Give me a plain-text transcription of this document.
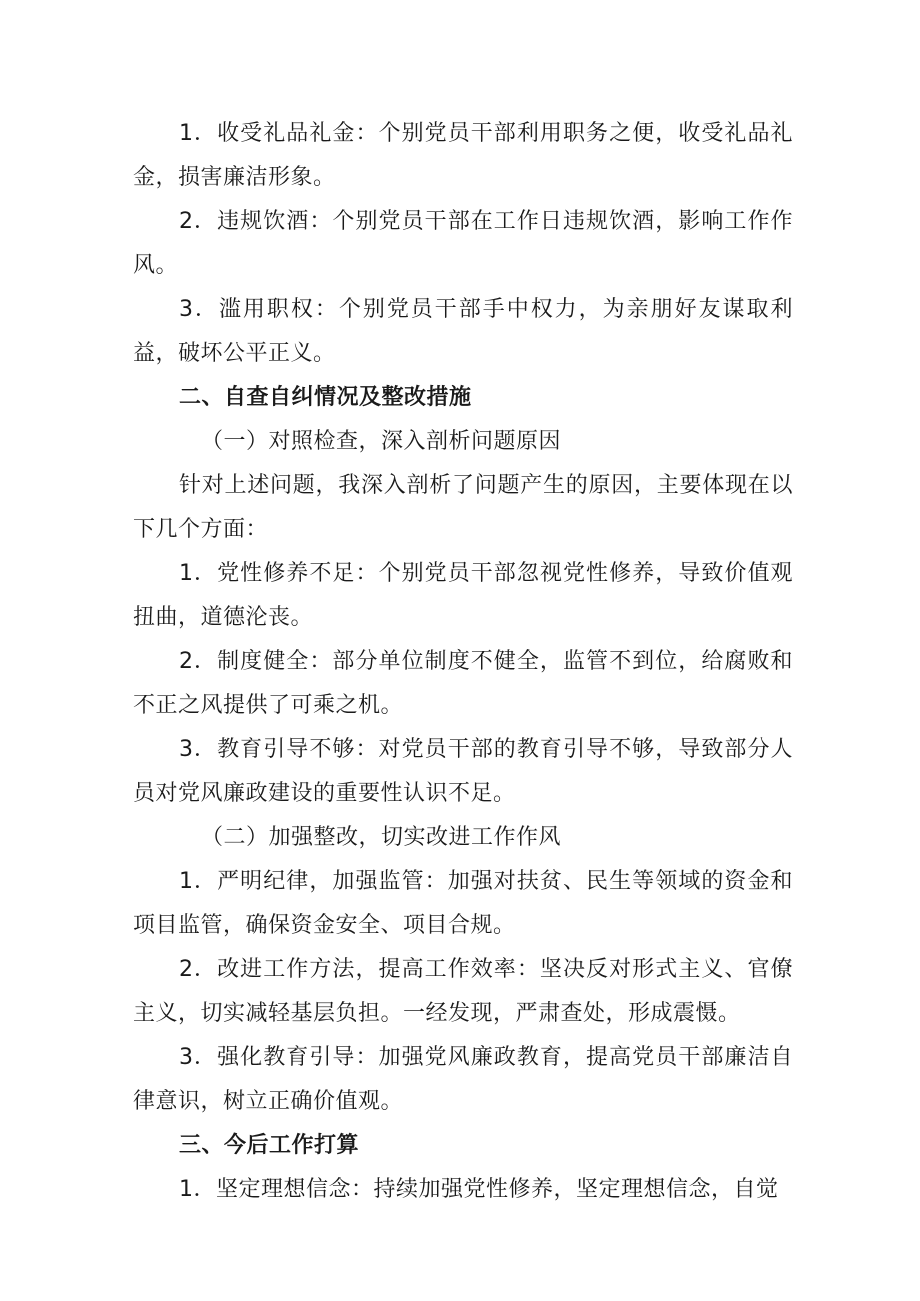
1．收受礼品礼金：个别党员干部利用职务之便，收受礼品礼金，损害廉洁形象。

2．违规饮酒：个别党员干部在工作日违规饮酒，影响工作作风。

3．滥用职权：个别党员干部手中权力，为亲朋好友谋取利益，破坏公平正义。

二、自查自纠情况及整改措施

（一）对照检查，深入剖析问题原因

针对上述问题，我深入剖析了问题产生的原因，主要体现在以下几个方面：

1．党性修养不足：个别党员干部忽视党性修养，导致价值观扭曲，道德沦丧。

2．制度健全：部分单位制度不健全，监管不到位，给腐败和不正之风提供了可乘之机。

3．教育引导不够：对党员干部的教育引导不够，导致部分人员对党风廉政建设的重要性认识不足。

（二）加强整改，切实改进工作作风

1．严明纪律，加强监管：加强对扶贫、民生等领域的资金和项目监管，确保资金安全、项目合规。

2．改进工作方法，提高工作效率：坚决反对形式主义、官僚主义，切实减轻基层负担。一经发现，严肃查处，形成震慑。

3．强化教育引导：加强党风廉政教育，提高党员干部廉洁自律意识，树立正确价值观。

三、今后工作打算

1．坚定理想信念：持续加强党性修养，坚定理想信念，自觉
